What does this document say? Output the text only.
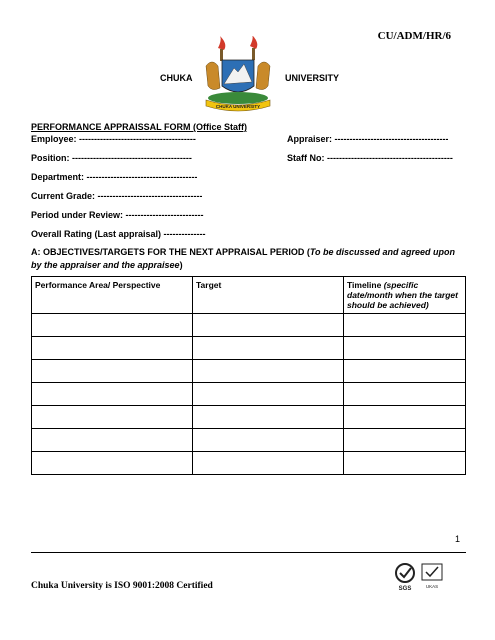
CU/ADM/HR/6
CHUKA	UNIVERSITY
CHUKA UNIVERSITY
PERFORMANCE APPRAISSAL FORM (Office Staff)
Employee: ---------------------------------------	Appraiser: --------------------------------------
Position: ----------------------------------------	Staff No: ------------------------------------------
Department: -------------------------------------
Current Grade: -----------------------------------
Period under Review: --------------------------
Overall Rating (Last appraisal) --------------
A: OBJECTIVES/TARGETS FOR THE NEXT APPRAISAL PERIOD (To be discussed and agreed upon by the appraiser and the appraisee)
Performance Area/ Perspective	Target	Timeline (specific date/month when the target should be achieved)

1
Chuka University is ISO 9001:2008 Certified	SGS	UKAS
